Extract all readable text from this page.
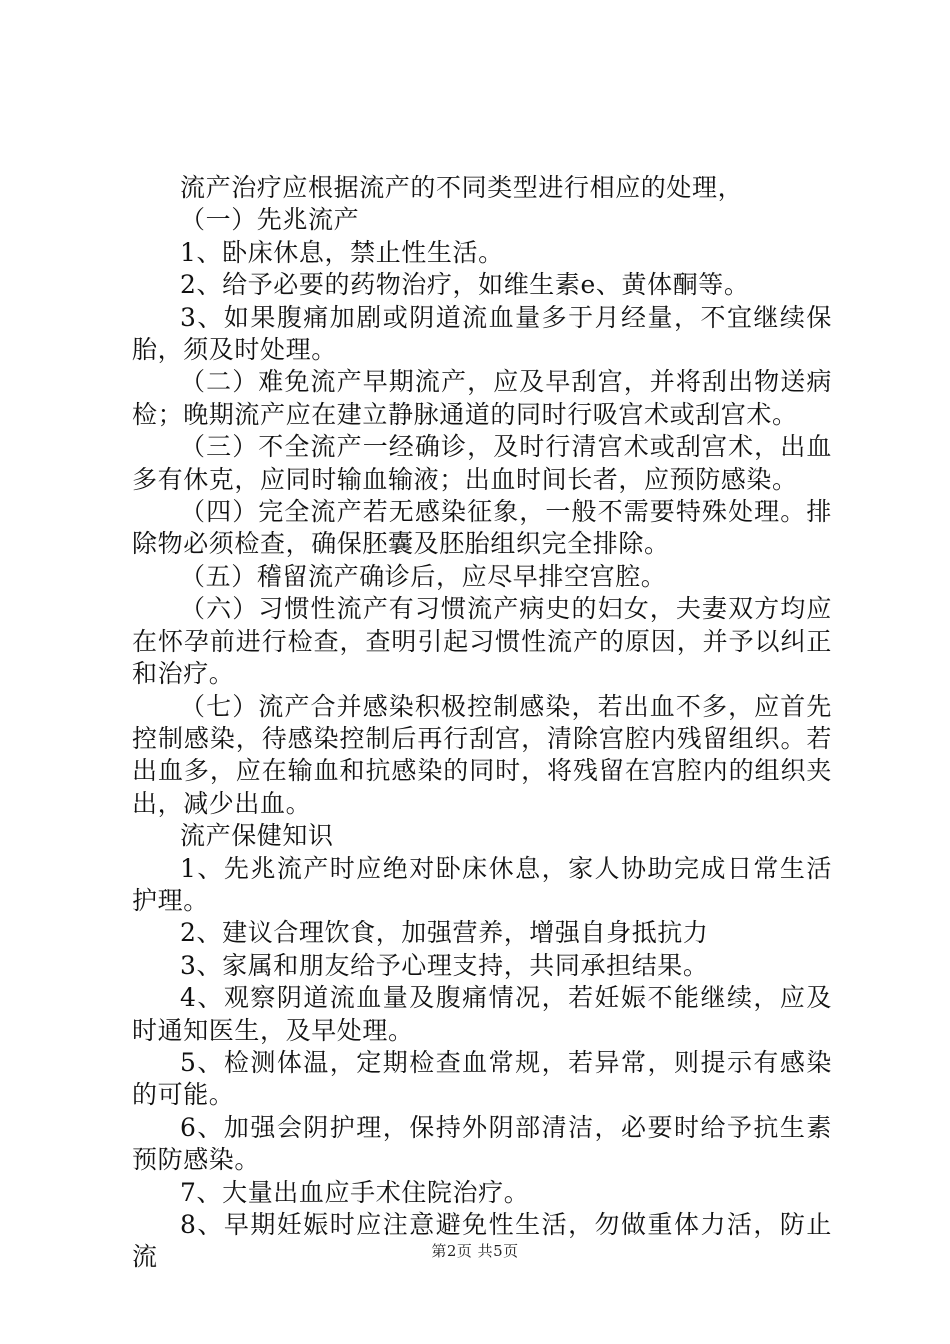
流产治疗应根据流产的不同类型进行相应的处理，

（一）先兆流产

1、卧床休息，禁止性生活。

2、给予必要的药物治疗，如维生素e、黄体酮等。

3、如果腹痛加剧或阴道流血量多于月经量，不宜继续保胎，须及时处理。

（二）难免流产早期流产，应及早刮宫，并将刮出物送病检；晚期流产应在建立静脉通道的同时行吸宫术或刮宫术。

（三）不全流产一经确诊，及时行清宫术或刮宫术，出血多有休克，应同时输血输液；出血时间长者，应预防感染。

（四）完全流产若无感染征象，一般不需要特殊处理。排除物必须检查，确保胚囊及胚胎组织完全排除。

（五）稽留流产确诊后，应尽早排空宫腔。

（六）习惯性流产有习惯流产病史的妇女，夫妻双方均应在怀孕前进行检查，查明引起习惯性流产的原因，并予以纠正和治疗。

（七）流产合并感染积极控制感染，若出血不多，应首先控制感染，待感染控制后再行刮宫，清除宫腔内残留组织。若出血多，应在输血和抗感染的同时，将残留在宫腔内的组织夹出，减少出血。

流产保健知识

1、先兆流产时应绝对卧床休息，家人协助完成日常生活护理。

2、建议合理饮食，加强营养，增强自身抵抗力

3、家属和朋友给予心理支持，共同承担结果。

4、观察阴道流血量及腹痛情况，若妊娠不能继续，应及时通知医生，及早处理。

5、检测体温，定期检查血常规，若异常，则提示有感染的可能。

6、加强会阴护理，保持外阴部清洁，必要时给予抗生素预防感染。

7、大量出血应手术住院治疗。

8、早期妊娠时应注意避免性生活，勿做重体力活，防止流	第2页 共5页
